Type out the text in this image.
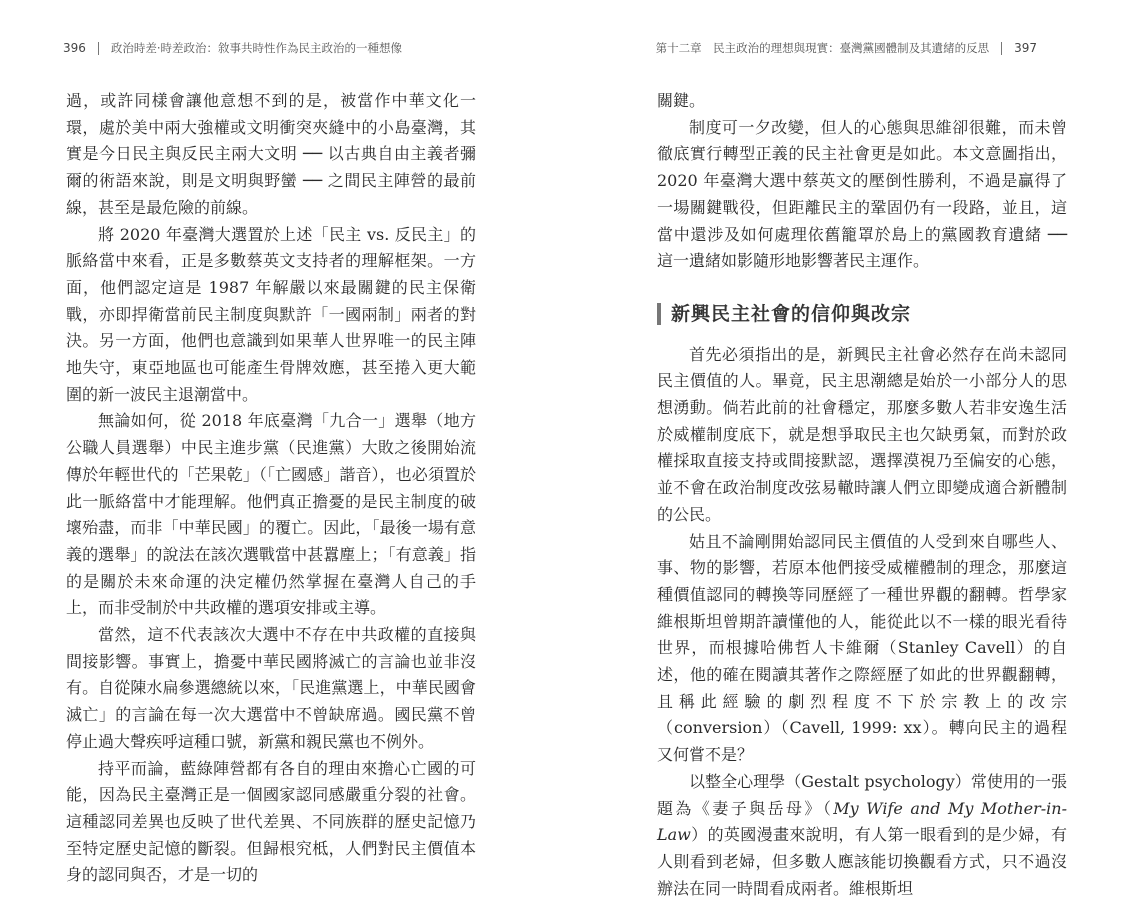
396 政治時差‧時差政治：敘事共時性作為民主政治的一種想像

過，或許同樣會讓他意想不到的是，被當作中華文化一環，處於美中兩大強權或文明衝突夾縫中的小島臺灣，其實是今日民主與反民主兩大文明 ── 以古典自由主義者彌爾的術語來說，則是文明與野蠻 ── 之間民主陣營的最前線，甚至是最危險的前線。

將 2020 年臺灣大選置於上述「民主 vs. 反民主」的脈絡當中來看，正是多數蔡英文支持者的理解框架。一方面，他們認定這是 1987 年解嚴以來最關鍵的民主保衛戰，亦即捍衛當前民主制度與默許「一國兩制」兩者的對決。另一方面，他們也意識到如果華人世界唯一的民主陣地失守，東亞地區也可能產生骨牌效應，甚至捲入更大範圍的新一波民主退潮當中。

無論如何，從 2018 年底臺灣「九合一」選舉（地方公職人員選舉）中民主進步黨（民進黨）大敗之後開始流傳於年輕世代的「芒果乾」（「亡國感」諧音），也必須置於此一脈絡當中才能理解。他們真正擔憂的是民主制度的破壞殆盡，而非「中華民國」的覆亡。因此，「最後一場有意義的選舉」的說法在該次選戰當中甚囂塵上；「有意義」指的是關於未來命運的決定權仍然掌握在臺灣人自己的手上，而非受制於中共政權的選項安排或主導。

當然，這不代表該次大選中不存在中共政權的直接與間接影響。事實上，擔憂中華民國將滅亡的言論也並非沒有。自從陳水扁參選總統以來，「民進黨選上，中華民國會滅亡」的言論在每一次大選當中不曾缺席過。國民黨不曾停止過大聲疾呼這種口號，新黨和親民黨也不例外。

持平而論，藍綠陣營都有各自的理由來擔心亡國的可能，因為民主臺灣正是一個國家認同感嚴重分裂的社會。這種認同差異也反映了世代差異、不同族群的歷史記憶乃至特定歷史記憶的斷裂。但歸根究柢，人們對民主價值本身的認同與否，才是一切的

第十二章　民主政治的理想與現實：臺灣黨國體制及其遺緒的反思 397

關鍵。

制度可一夕改變，但人的心態與思維卻很難，而未曾徹底實行轉型正義的民主社會更是如此。本文意圖指出，2020 年臺灣大選中蔡英文的壓倒性勝利，不過是贏得了一場關鍵戰役，但距離民主的鞏固仍有一段路，並且，這當中還涉及如何處理依舊籠罩於島上的黨國教育遺緒 ── 這一遺緒如影隨形地影響著民主運作。

新興民主社會的信仰與改宗

首先必須指出的是，新興民主社會必然存在尚未認同民主價值的人。畢竟，民主思潮總是始於一小部分人的思想湧動。倘若此前的社會穩定，那麼多數人若非安逸生活於威權制度底下，就是想爭取民主也欠缺勇氣，而對於政權採取直接支持或間接默認，選擇漠視乃至偏安的心態，並不會在政治制度改弦易轍時讓人們立即變成適合新體制的公民。

姑且不論剛開始認同民主價值的人受到來自哪些人、事、物的影響，若原本他們接受威權體制的理念，那麼這種價值認同的轉換等同歷經了一種世界觀的翻轉。哲學家維根斯坦曾期許讀懂他的人，能從此以不一樣的眼光看待世界，而根據哈佛哲人卡維爾（Stanley Cavell）的自述，他的確在閱讀其著作之際經歷了如此的世界觀翻轉，且稱此經驗的劇烈程度不下於宗教上的改宗（conversion）（Cavell, 1999: xx）。轉向民主的過程又何嘗不是？

以整全心理學（Gestalt psychology）常使用的一張題為《妻子與岳母》（My Wife and My Mother-in-Law）的英國漫畫來說明，有人第一眼看到的是少婦，有人則看到老婦，但多數人應該能切換觀看方式，只不過沒辦法在同一時間看成兩者。維根斯坦
